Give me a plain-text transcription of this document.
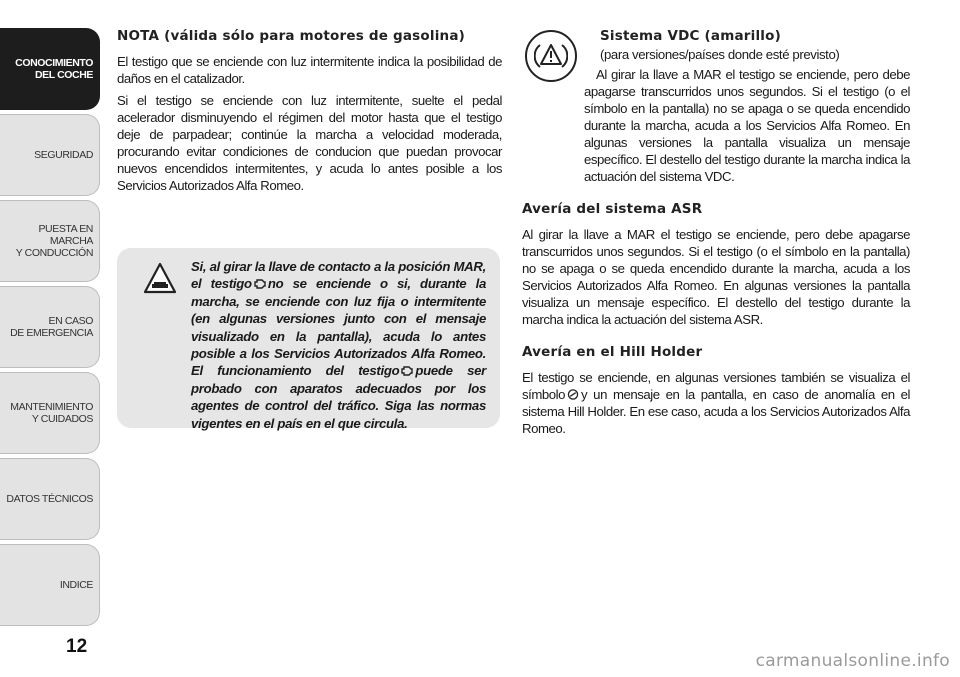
CONOCIMIENTO
DEL COCHE
SEGURIDAD
PUESTA EN MARCHA
Y CONDUCCIÓN
EN CASO
DE EMERGENCIA
MANTENIMIENTO
Y CUIDADOS
DATOS TÉCNICOS
INDICE
12
NOTA (válida sólo para motores de gasolina)

El testigo que se enciende con luz intermitente indica la posibilidad de daños en el catalizador.

Si el testigo se enciende con luz intermitente, suelte el pedal acelerador disminuyendo el régimen del motor hasta que el testigo deje de parpadear; continúe la marcha a velocidad moderada, procurando evitar condiciones de conducion que puedan provocar nuevos encendidos intermitentes, y acuda lo antes posible a los Servicios Autorizados Alfa Romeo.

Si, al girar la llave de contacto a la posición MAR, el testigo no se enciende o si, durante la marcha, se enciende con luz fija o intermitente (en algunas versiones junto con el mensaje visualizado en la pantalla), acuda lo antes posible a los Servicios Autorizados Alfa Romeo. El funcionamiento del testigo puede ser probado con aparatos adecuados por los agentes de control del tráfico. Siga las normas vigentes en el país en el que circula.

Sistema VDC (amarillo)

(para versiones/países donde esté previsto)

Al girar la llave a MAR el testigo se enciende, pero debe apagarse transcurridos unos segundos. Si el testigo (o el símbolo en la pantalla) no se apaga o se queda encendido durante la marcha, acuda a los Servicios Alfa Romeo. En algunas versiones la pantalla visualiza un mensaje específico. El destello del testigo durante la marcha indica la actuación del sistema VDC.

Avería del sistema ASR

Al girar la llave a MAR el testigo se enciende, pero debe apagarse transcurridos unos segundos. Si el testigo (o el símbolo en la pantalla) no se apaga o se queda encendido durante la marcha, acuda a los Servicios Autorizados Alfa Romeo. En algunas versiones la pantalla visualiza un mensaje específico. El destello del testigo durante la marcha indica la actuación del sistema ASR.

Avería en el Hill Holder

El testigo se enciende, en algunas versiones también se visualiza el símbolo y un mensaje en la pantalla, en caso de anomalía en el sistema Hill Holder. En ese caso, acuda a los Servicios Autorizados Alfa Romeo.

carmanualsonline.info
